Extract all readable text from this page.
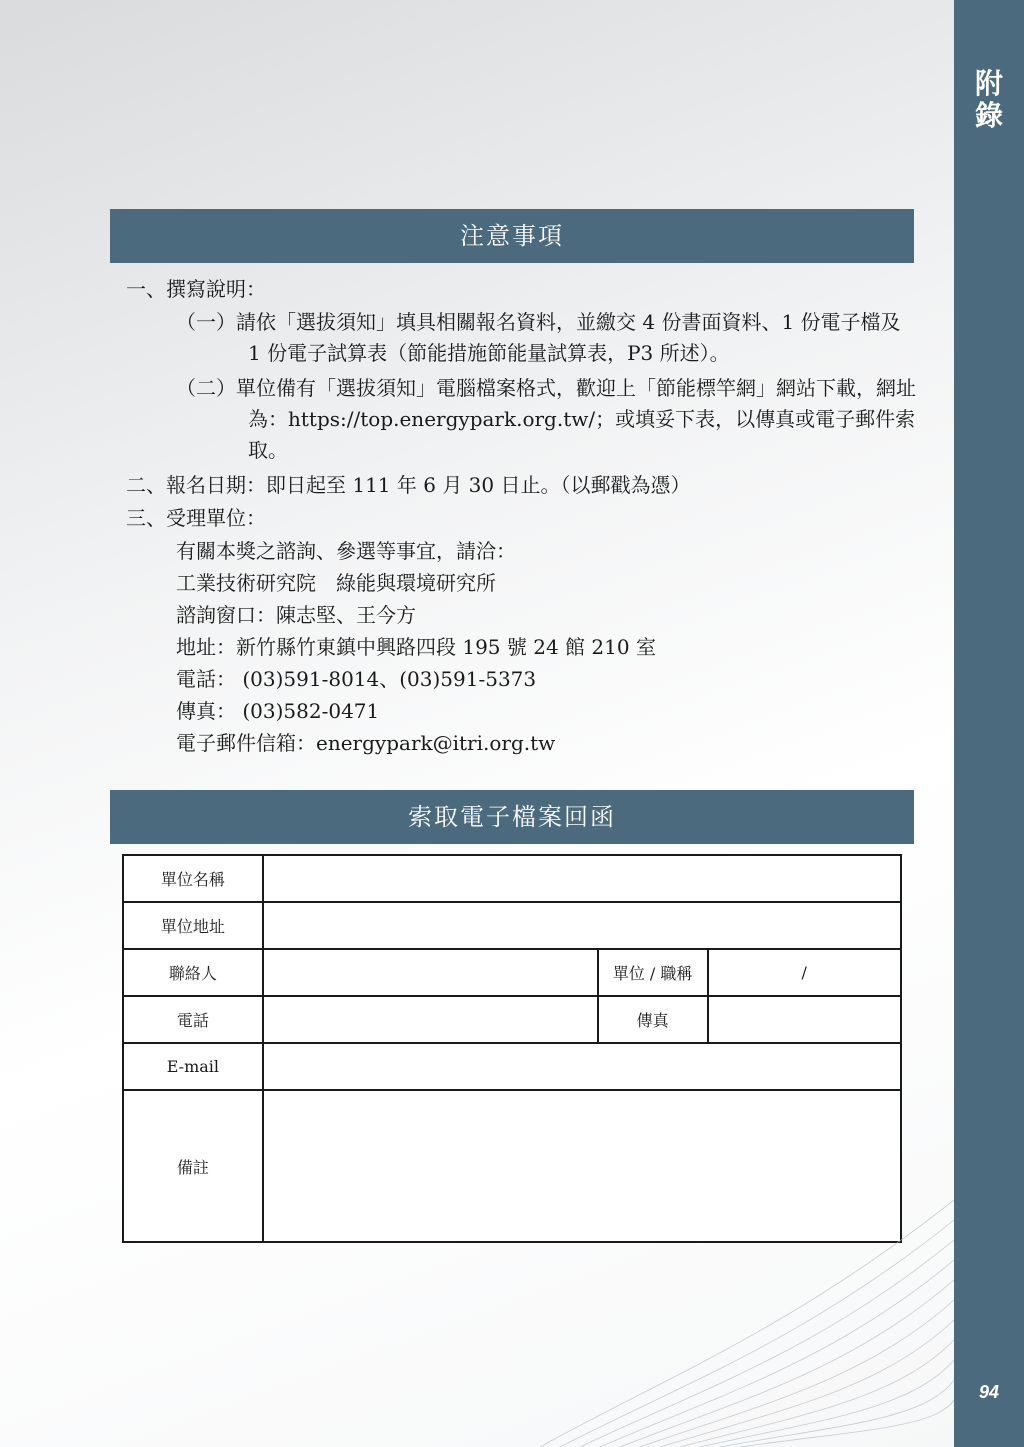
附
錄
94
注意事項

一、撰寫說明：

（一）請依「選拔須知」填具相關報名資料，並繳交 4 份書面資料、1 份電子檔及 1 份電子試算表（節能措施節能量試算表，P3 所述）。

（二）單位備有「選拔須知」電腦檔案格式，歡迎上「節能標竿網」網站下載，網址為：https://top.energypark.org.tw/；或填妥下表，以傳真或電子郵件索取。

二、報名日期：即日起至 111 年 6 月 30 日止。（以郵戳為憑）

三、受理單位：

有關本獎之諮詢、參選等事宜，請洽：

工業技術研究院　綠能與環境研究所

諮詢窗口：陳志堅、王今方

地址：新竹縣竹東鎮中興路四段 195 號 24 館 210 室

電話： (03)591-8014、(03)591-5373

傳真： (03)582-0471

電子郵件信箱：energypark@itri.org.tw

索取電子檔案回函
單位名稱			
單位地址			
聯絡人		單位 / 職稱	/
電話		傳真	
E-mail			
備註			
